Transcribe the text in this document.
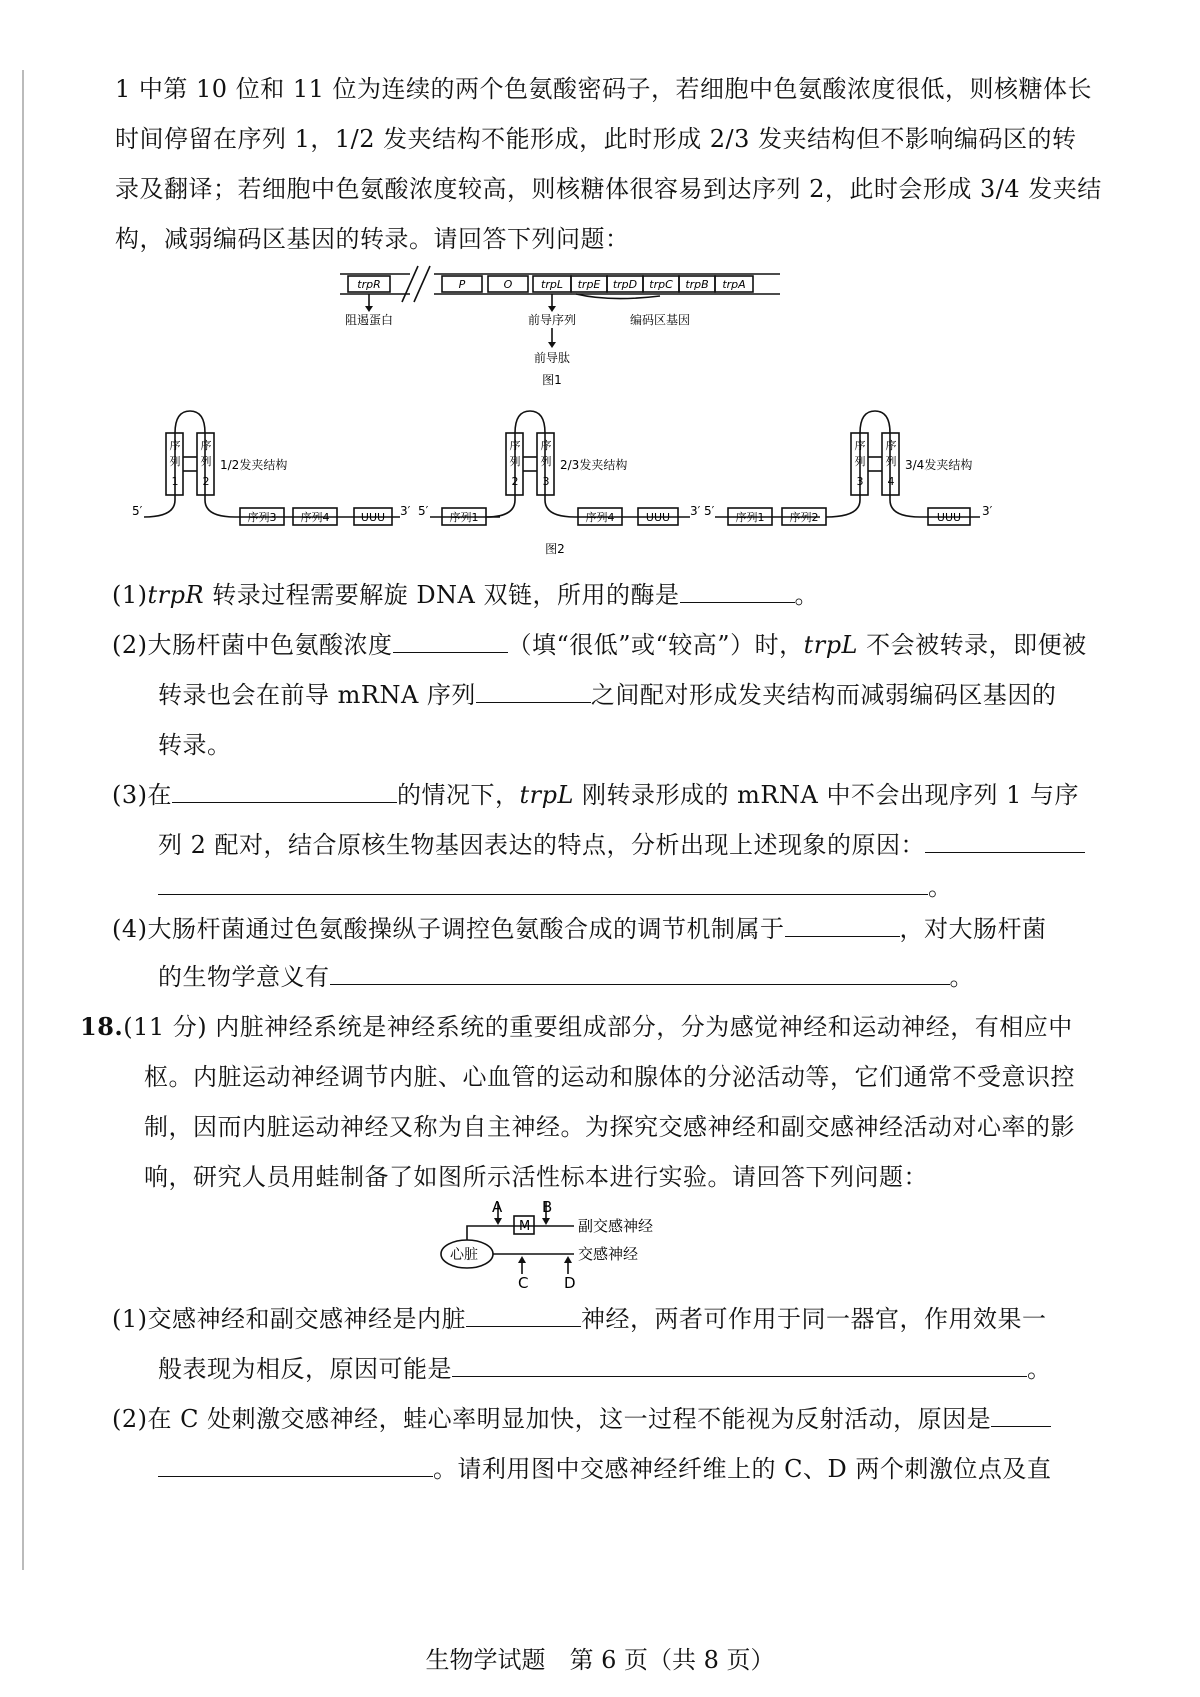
1 中第 10 位和 11 位为连续的两个色氨酸密码子，若细胞中色氨酸浓度很低，则核糖体长
时间停留在序列 1，1/2 发夹结构不能形成，此时形成 2/3 发夹结构但不影响编码区的转
录及翻译；若细胞中色氨酸浓度较高，则核糖体很容易到达序列 2，此时会形成 3/4 发夹结
构，减弱编码区基因的转录。请回答下列问题：
trpR	P	O	trpL trpE trpD trpC trpB trpA
阻遏蛋白	前导序列	编码区基因
前导肽
图1
序
列
1
序
列
2
序
列
2
序
列
3
序
列
3
序
列
4
1/2发夹结构	2/3发夹结构	3/4发夹结构
5′	3′ 5′	3′ 5′	3′
序列3 序列4	UUU	序列1	序列4	UUU	序列1 序列2	UUU
图2
(1)trpR 转录过程需要解旋 DNA 双链，所用的酶是	。
(2)大肠杆菌中色氨酸浓度	（填“很低”或“较高”）时，trpL 不会被转录，即便被
转录也会在前导 mRNA 序列	之间配对形成发夹结构而减弱编码区基因的
转录。
(3)在	的情况下，trpL 刚转录形成的 mRNA 中不会出现序列 1 与序
列 2 配对，结合原核生物基因表达的特点，分析出现上述现象的原因：
。
(4)大肠杆菌通过色氨酸操纵子调控色氨酸合成的调节机制属于	，对大肠杆菌
的生物学意义有	。
18.(11 分) 内脏神经系统是神经系统的重要组成部分，分为感觉神经和运动神经，有相应中
枢。内脏运动神经调节内脏、心血管的运动和腺体的分泌活动等，它们通常不受意识控
制，因而内脏运动神经又称为自主神经。为探究交感神经和副交感神经活动对心率的影
响，研究人员用蛙制备了如图所示活性标本进行实验。请回答下列问题：
A	B
C D
M
心脏
副交感神经
交感神经
(1)交感神经和副交感神经是内脏	神经，两者可作用于同一器官，作用效果一
般表现为相反，原因可能是	。
(2)在 C 处刺激交感神经，蛙心率明显加快，这一过程不能视为反射活动，原因是
。请利用图中交感神经纤维上的 C、D 两个刺激位点及直
生物学试题　第 6 页（共 8 页）
